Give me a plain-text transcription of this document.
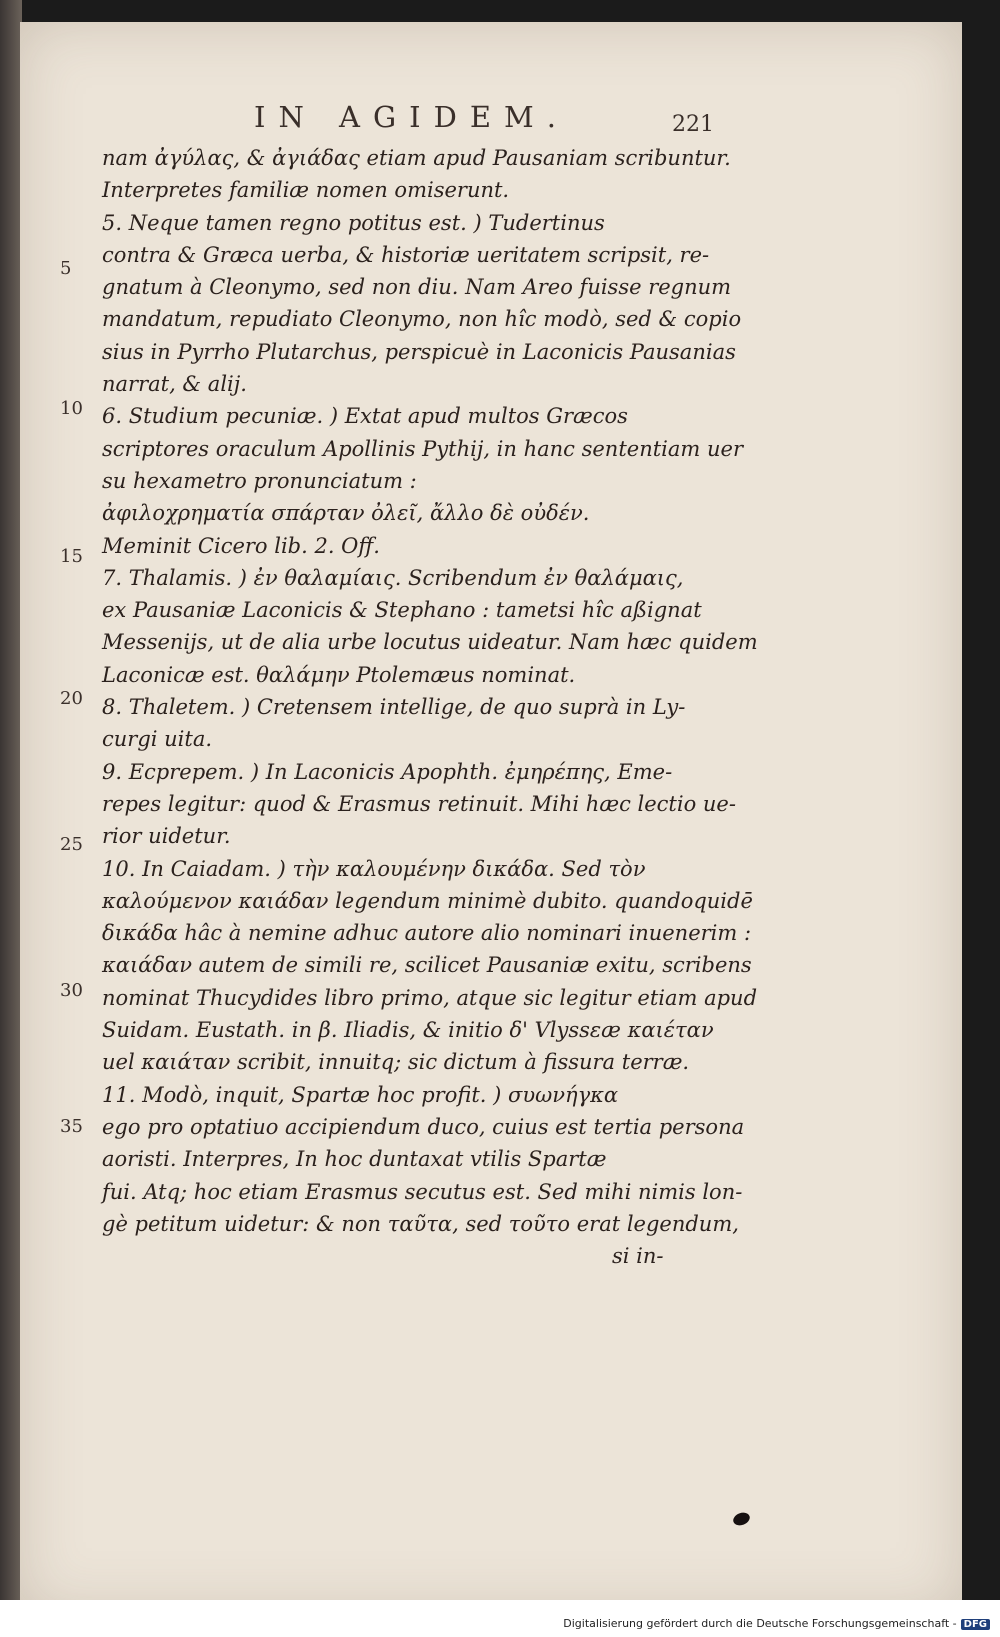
IN AGIDEM.	221
5
10
15
20
25
30
35
nam ἀγύλας, & ἀγιάδας etiam apud Pausaniam scribuntur.
Interpretes familiæ nomen omiserunt.
5. Neque tamen regno potitus est. ) Tudertinus
contra & Græca uerba, & historiæ ueritatem scripsit, re-
gnatum à Cleonymo, sed non diu. Nam Areo fuisse regnum
mandatum, repudiato Cleonymo, non hîc modò, sed & copio
sius in Pyrrho Plutarchus, perspicuè in Laconicis Pausanias
narrat, & alij.
6. Studium pecuniæ. ) Extat apud multos Græcos
scriptores oraculum Apollinis Pythij, in hanc sententiam uer
su hexametro pronunciatum :
ἀφιλοχρηματία σπάρταν ὀλεῖ, ἄλλο δὲ οὐδέν.
Meminit Cicero lib. 2. Off.
7. Thalamis. ) ἐν θαλαμίαις. Scribendum ἐν θαλάμαις,
ex Pausaniæ Laconicis & Stephano : tametsi hîc aßignat
Messenijs, ut de alia urbe locutus uideatur. Nam hæc quidem
Laconicæ est. θαλάμην Ptolemæus nominat.
8. Thaletem. ) Cretensem intellige, de quo suprà in Ly-
curgi uita.
9. Ecprepem. ) In Laconicis Apophth. ἐμηρέπης, Eme-
repes legitur: quod & Erasmus retinuit. Mihi hæc lectio ue-
rior uidetur.
10. In Caiadam. ) τὴν καλουμένην δικάδα. Sed τὸν
καλούμενον καιάδαν legendum minimè dubito. quandoquidē
δικάδα hâc à nemine adhuc autore alio nominari inuenerim :
καιάδαν autem de simili re, scilicet Pausaniæ exitu, scribens
nominat Thucydides libro primo, atque sic legitur etiam apud
Suidam. Eustath. in β. Iliadis, & initio δ' Vlyssεæ καιέταν
uel καιάταν scribit, innuitq; sic dictum à fissura terræ.
11. Modò, inquit, Spartæ hoc profit. ) συωνήγκα
ego pro optatiuo accipiendum duco, cuius est tertia persona
aoristi. Interpres, In hoc duntaxat vtilis Spartæ
fui. Atq; hoc etiam Erasmus secutus est. Sed mihi nimis lon-
gè petitum uidetur: & non ταῦτα, sed τοῦτο erat legendum,
si in-
Digitalisierung gefördert durch die Deutsche Forschungsgemeinschaft - DFG
